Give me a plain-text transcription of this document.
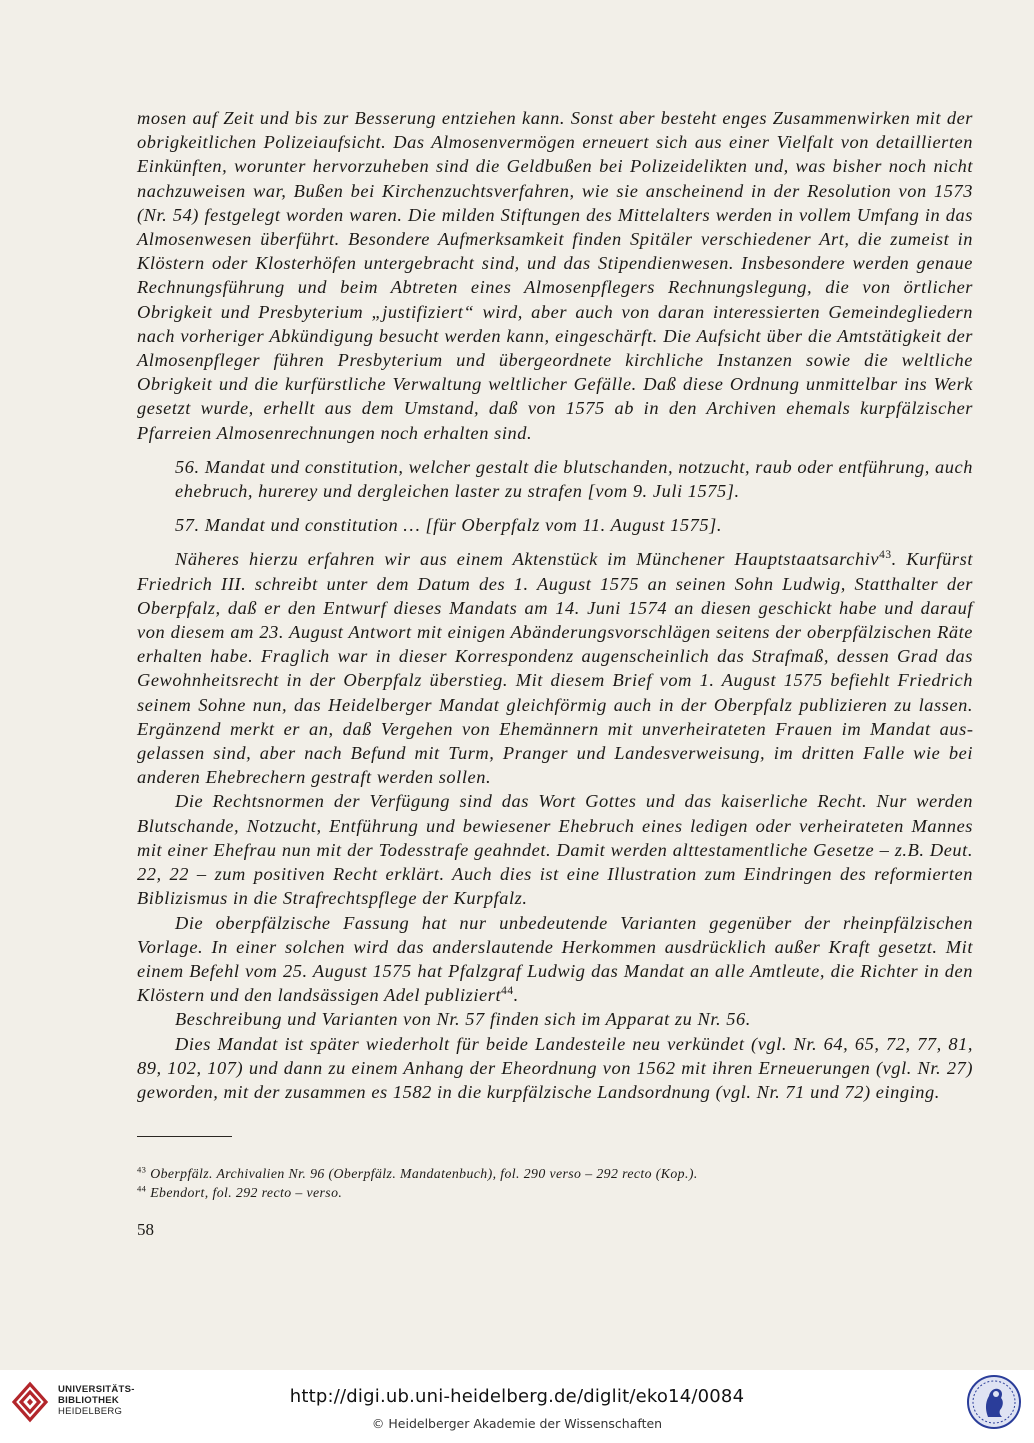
mosen auf Zeit und bis zur Besserung entziehen kann. Sonst aber besteht enges Zusammenwirken mit der obrigkeitlichen Polizeiaufsicht. Das Almosenvermögen erneuert sich aus einer Vielfalt von detaillierten Einkünften, worunter hervorzuheben sind die Geldbußen bei Polizeidelikten und, was bisher noch nicht nachzuweisen war, Bußen bei Kirchenzuchtsverfahren, wie sie anscheinend in der Resolution von 1573 (Nr. 54) festgelegt worden waren. Die milden Stiftungen des Mittelalters werden in vollem Umfang in das Almosenwesen überführt. Besondere Aufmerksamkeit finden Spitäler verschiedener Art, die zumeist in Klöstern oder Klosterhöfen untergebracht sind, und das Stipendienwesen. Insbesondere werden genaue Rechnungsführung und beim Abtreten eines Almosenpflegers Rechnungslegung, die von örtlicher Obrigkeit und Presbyterium „justifiziert“ wird, aber auch von daran interessierten Gemeindegliedern nach vorheriger Abkündigung besucht werden kann, eingeschärft. Die Aufsicht über die Amtstätigkeit der Almosenpfleger führen Presbyterium und übergeordnete kirchliche Instanzen sowie die weltliche Obrigkeit und die kurfürstliche Verwaltung weltlicher Gefälle. Daß diese Ordnung unmittelbar ins Werk gesetzt wurde, erhellt aus dem Umstand, daß von 1575 ab in den Archiven ehemals kurpfälzischer Pfarreien Almosenrechnungen noch erhalten sind.

56. Mandat und constitution, welcher gestalt die blutschanden, notzucht, raub oder entführung, auch ehebruch, hurerey und dergleichen laster zu strafen [vom 9. Juli 1575].

57. Mandat und constitution … [für Oberpfalz vom 11. August 1575].

Näheres hierzu erfahren wir aus einem Aktenstück im Münchener Hauptstaatsarchiv$^{43}$. Kurfürst Friedrich III. schreibt unter dem Datum des 1. August 1575 an seinen Sohn Ludwig, Statthalter der Oberpfalz, daß er den Entwurf dieses Mandats am 14. Juni 1574 an diesen geschickt habe und darauf von diesem am 23. August Antwort mit einigen Abänderungsvorschlägen seitens der oberpfälzischen Räte erhalten habe. Fraglich war in dieser Korrespondenz augenscheinlich das Strafmaß, dessen Grad das Gewohnheitsrecht in der Oberpfalz überstieg. Mit diesem Brief vom 1. August 1575 befiehlt Friedrich seinem Sohne nun, das Heidelberger Mandat gleichförmig auch in der Oberpfalz publizieren zu lassen. Ergänzend merkt er an, daß Vergehen von Ehemännern mit unverheirateten Frauen im Mandat ausgelassen sind, aber nach Befund mit Turm, Pranger und Landesverweisung, im dritten Falle wie bei anderen Ehebrechern gestraft werden sollen.

Die Rechtsnormen der Verfügung sind das Wort Gottes und das kaiserliche Recht. Nur werden Blutschande, Notzucht, Entführung und bewiesener Ehebruch eines ledigen oder verheirateten Mannes mit einer Ehefrau nun mit der Todesstrafe geahndet. Damit werden alttestamentliche Gesetze – z.B. Deut. 22, 22 – zum positiven Recht erklärt. Auch dies ist eine Illustration zum Eindringen des reformierten Biblizismus in die Strafrechtspflege der Kurpfalz.

Die oberpfälzische Fassung hat nur unbedeutende Varianten gegenüber der rheinpfälzischen Vorlage. In einer solchen wird das anderslautende Herkommen ausdrücklich außer Kraft gesetzt. Mit einem Befehl vom 25. August 1575 hat Pfalzgraf Ludwig das Mandat an alle Amtleute, die Richter in den Klöstern und den landsässigen Adel publiziert$^{44}$.

Beschreibung und Varianten von Nr. 57 finden sich im Apparat zu Nr. 56.

Dies Mandat ist später wiederholt für beide Landesteile neu verkündet (vgl. Nr. 64, 65, 72, 77, 81, 89, 102, 107) und dann zu einem Anhang der Eheordnung von 1562 mit ihren Erneuerungen (vgl. Nr. 27) geworden, mit der zusammen es 1582 in die kurpfälzische Landsordnung (vgl. Nr. 71 und 72) einging.

$^{43}$ Oberpfälz. Archivalien Nr. 96 (Oberpfälz. Mandatenbuch), fol. 290 verso – 292 recto (Kop.).

$^{44}$ Ebendort, fol. 292 recto – verso.

58
UNIVERSITÄTS-
BIBLIOTHEK
HEIDELBERG
http://digi.ub.uni-heidelberg.de/diglit/eko14/0084
© Heidelberger Akademie der Wissenschaften
